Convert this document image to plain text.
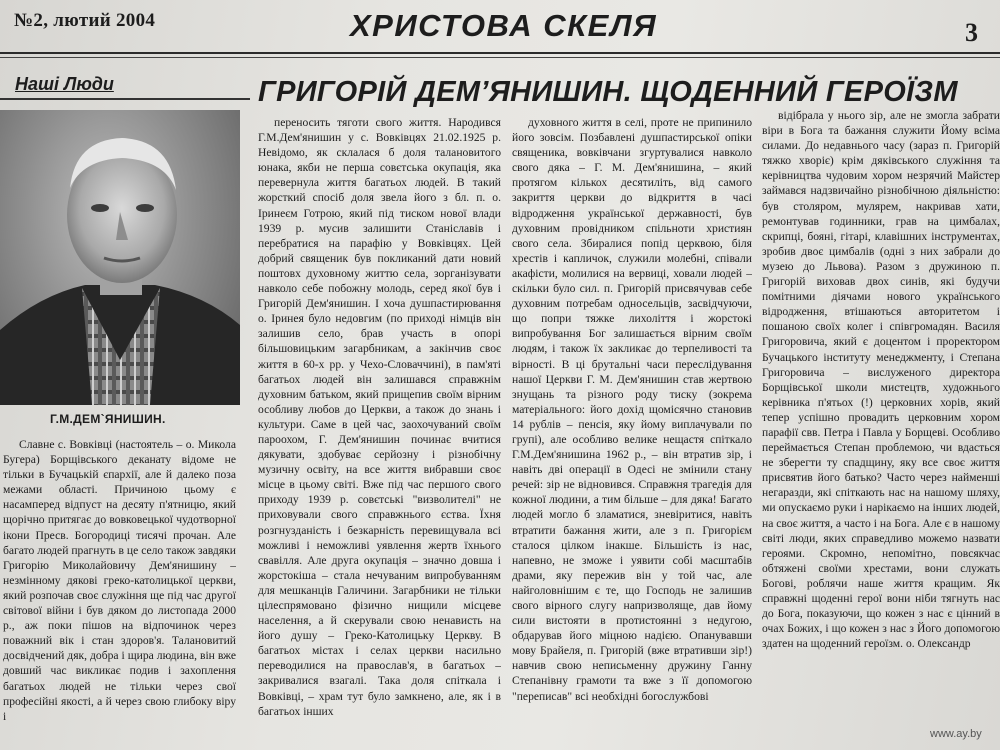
№2, лютий 2004	ХРИСТОВА СКЕЛЯ	3
Наші Люди	ГРИГОРІЙ ДЕМ’ЯНИШИН. ЩОДЕННИЙ ГЕРОЇЗМ
Г.М.ДЕМ`ЯНИШИН.

Славне с. Вовківці (настоятель – о. Микола Бугера) Борщівського деканату відоме не тільки в Бучацькій єпархії, але й далеко поза межами області. Причиною цьому є насамперед відпуст на десяту п'ятницю, який щорічно притягає до вовковецької чудотворної ікони Пресв. Богородиці тисячі прочан. Але багато людей прагнуть в це село також завдяки Григорію Миколайовичу Дем'янишину – незмінному дякові греко-католицької церкви, який розпочав своє служіння ще під час другої світової війни і був дяком до листопада 2000 р., аж поки пішов на відпочинок через поважний вік і стан здоров'я. Талановитий досвідчений дяк, добра і щира людина, він вже довший час викликає подив і захоплення багатьох людей не тільки через свої професійні якості, а й через свою глибоку віру і

переносить тяготи свого життя. Народився Г.М.Дем'янишин у с. Вовківцях 21.02.1925 р. Невідомо, як склалася б доля талановитого юнака, якби не перша совєтська окупація, яка перевернула життя багатьох людей. В такий жорсткий спосіб доля звела його з бл. п. о. Іринеєм Готрою, який під тиском нової влади 1939 р. мусив залишити Станіславів і перебратися на парафію у Вовківцях. Цей добрий священик був покликаний дати новий поштовх духовному життю села, зорганізувати навколо себе побожну молодь, серед якої був і Григорій Дем'янишин. І хоча душпастирювання о. Іринея було недовгим (по приході німців він залишив село, брав участь в опорі більшовицьким загарбникам, а закінчив своє життя в 60-х рр. у Чехо-Словаччині), в пам'яті багатьох людей він залишався справжнім духовним батьком, який прищепив своїм вірним особливу любов до Церкви, а також до знань і культури. Саме в цей час, заохочуваний своїм пароохом, Г. Дем'янишин починає вчитися дякувати, здобуває серйозну і різнобічну музичну освіту, на все життя вибравши своє місце в цьому світі. Вже під час першого свого приходу 1939 р. совєтські "визволителі" не приховували свого справжнього єства. Їхня розгнузданість і безкарність перевищувала всі можливі і неможливі уявлення жертв їхнього свавілля. Але друга окупація – значно довша і жорстокіша – стала нечуваним випробуванням для мешканців Галичини. Загарбники не тільки цілеспрямовано фізично нищили місцеве населення, а й скерували свою ненависть на його душу – Греко-Католицьку Церкву. В багатьох містах і селах церкви насильно переводилися на православ'я, в багатьох – закривалися взагалі. Така доля спіткала і Вовківці, – храм тут було замкнено, але, як і в багатьох інших

духовного життя в селі, проте не припинило його зовсім. Позбавлені душпастирської опіки священика, вовківчани згуртувалися навколо свого дяка – Г. М. Дем'янишина, – який протягом кількох десятиліть, від самого закриття церкви до відкриття в часі відродження української державності, був духовним провідником спільноти християн свого села. Збиралися попід церквою, біля хрестів і капличок, служили молебні, співали акафісти, молилися на вервиці, ховали людей – скільки було сил. п. Григорій присвячував себе духовним потребам односельців, засвідчуючи, що попри тяжке лихоліття і жорстокі випробування Бог залишається вірним своїм людям, і також їх закликає до терпеливості та вірності. В ці брутальні часи переслідування нашої Церкви Г. М. Дем'янишин став жертвою знущань та різного роду тиску (зокрема матеріального: його дохід щомісячно становив 14 рублів – пенсія, яку йому виплачували по групі), але особливо велике нещастя спіткало Г.М.Дем'янишина 1962 р., – він втратив зір, і навіть дві операції в Одесі не змінили стану речей: зір не відновився. Справжня трагедія для кожної людини, а тим більше – для дяка! Багато людей могло б зламатися, зневіритися, навіть втратити бажання жити, але з п. Григорієм сталося цілком інакше. Більшість із нас, напевно, не зможе і уявити собі масштабів драми, яку пережив він у той час, але найголовнішим є те, що Господь не залишив свого вірного слугу напризволяще, дав йому сили вистояти в протистоянні з недугою, обдарував його міцною надією. Опанувавши мову Брайеля, п. Григорій (вже втративши зір!) навчив свою неписьменну дружину Ганну Степанівну грамоти та вже з її допомогою "переписав" всі необхідні богослужбові

відібрала у нього зір, але не змогла забрати віри в Бога та бажання служити Йому всіма силами. До недавнього часу (зараз п. Григорій тяжко хворіє) крім дяківського служіння та керівництва чудовим хором незрячий Майстер займався надзвичайно різнобічною діяльністю: був столяром, мулярем, накривав хати, ремонтував годинники, грав на цимбалах, скрипці, бояні, гітарі, клавішних інструментах, зробив двоє цимбалів (одні з них забрали до музею до Львова). Разом з дружиною п. Григорій виховав двох синів, які будучи помітними діячами нового українського відродження, втішаються авторитетом і пошаною своїх колег і співгромадян. Василя Григоровича, який є доцентом і проректором Бучацького інституту менеджменту, і Степана Григоровича – вислуженого директора Борщівської школи мистецтв, художнього керівника п'ятьох (!) церковних хорів, який тепер успішно провадить церковним хором парафії свв. Петра і Павла у Борщеві. Особливо переймається Степан проблемою, чи вдасться не зберегти ту спадщину, яку все своє життя присвятив його батько? Часто через найменші негаразди, які спіткають нас на нашому шляху, ми опускаємо руки і нарікаємо на інших людей, на своє життя, а часто і на Бога. Але є в нашому світі люди, яких справедливо можемо назвати героями. Скромно, непомітно, повсякчас обтяжені своїми хрестами, вони служать Богові, роблячи наше життя кращим. Як справжні щоденні герої вони ніби тягнуть нас до Бога, показуючи, що кожен з нас є цінний в очах Божих, і що кожен з нас з Його допомогою здатен на щоденний героїзм. о. Олександр

www.ay.by
